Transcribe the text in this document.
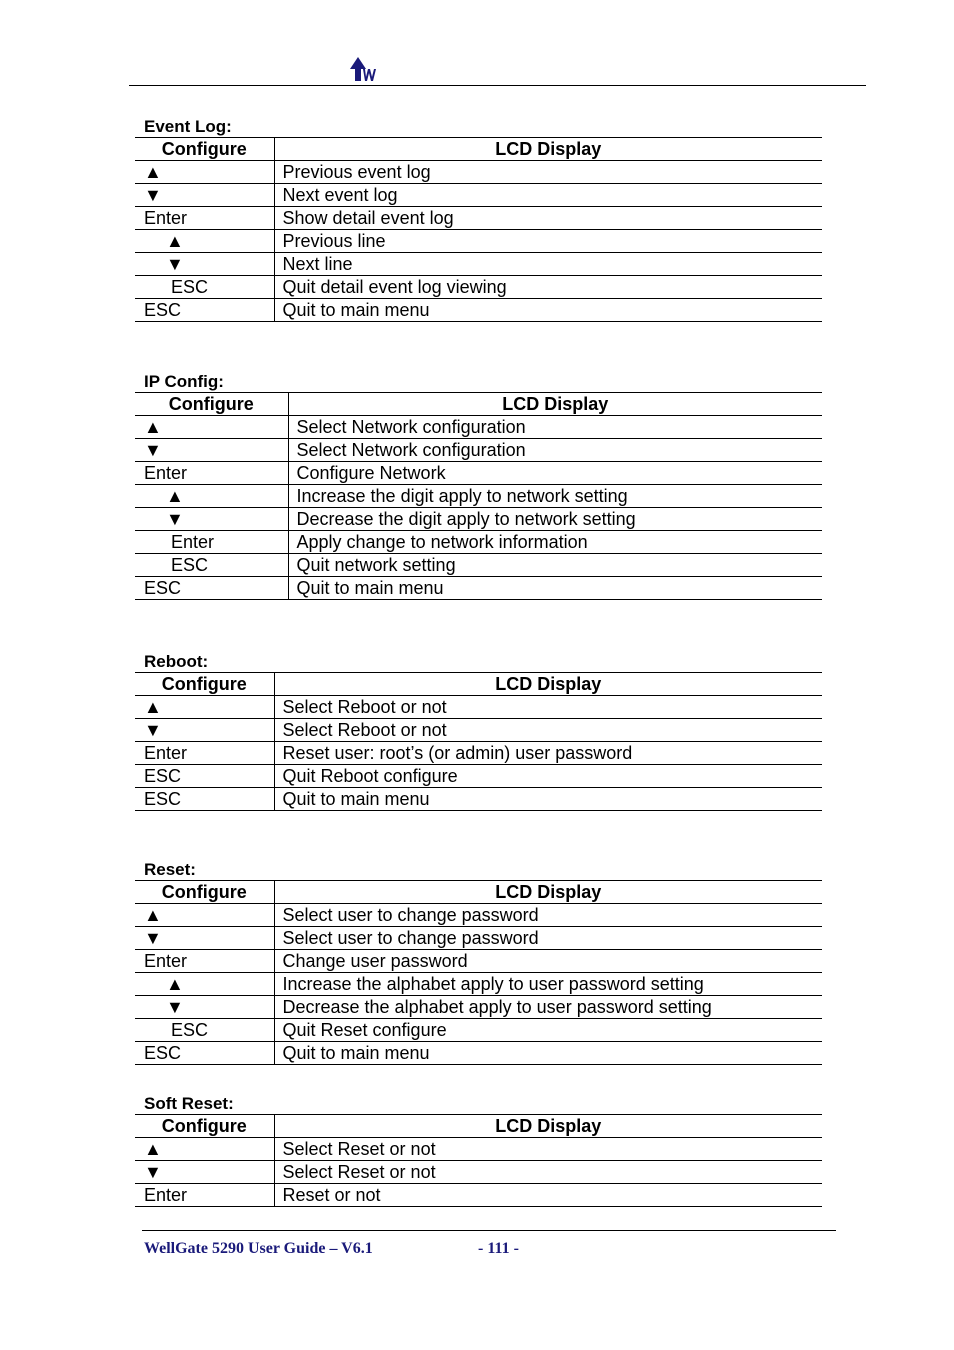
Event Log:
Configure	LCD Display
▲	Previous event log
▼	Next event log
Enter	Show detail event log
▲	Previous line
▼	Next line
ESC	Quit detail event log viewing
ESC	Quit to main menu
IP Config:
Configure	LCD Display
▲	Select Network configuration
▼	Select Network configuration
Enter	Configure Network
▲	Increase the digit apply to network setting
▼	Decrease the digit apply to network setting
Enter	Apply change to network information
ESC	Quit network setting
ESC	Quit to main menu
Reboot:
Configure	LCD Display
▲	Select Reboot or not
▼	Select Reboot or not
Enter	Reset user: root’s (or admin) user password
ESC	Quit Reboot configure
ESC	Quit to main menu
Reset:
Configure	LCD Display
▲	Select user to change password
▼	Select user to change password
Enter	Change user password
▲	Increase the alphabet apply to user password setting
▼	Decrease the alphabet apply to user password setting
ESC	Quit Reset configure
ESC	Quit to main menu
Soft Reset:
Configure	LCD Display
▲	Select Reset or not
▼	Select Reset or not
Enter	Reset or not
WellGate 5290 User Guide – V6.1	- 111 -
